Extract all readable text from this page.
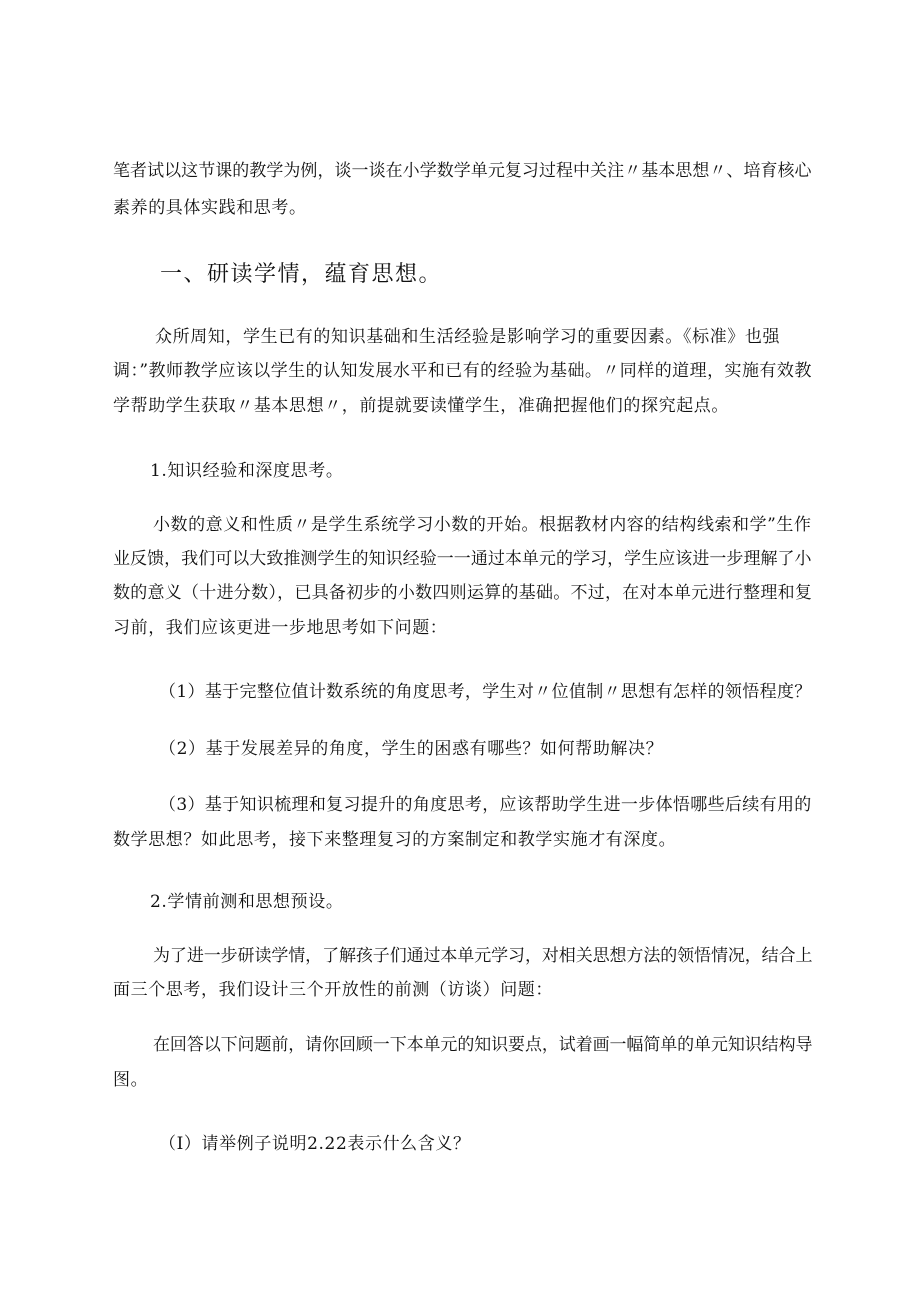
笔者试以这节课的教学为例，谈一谈在小学数学单元复习过程中关注〃基本思想〃、培育核心
素养的具体实践和思考。
一、研读学情，蕴育思想。
众所周知，学生已有的知识基础和生活经验是影响学习的重要因素。《标准》也强
调：”教师教学应该以学生的认知发展水平和已有的经验为基础。〃同样的道理，实施有效教
学帮助学生获取〃基本思想〃，前提就要读懂学生，准确把握他们的探究起点。
1.知识经验和深度思考。
小数的意义和性质〃是学生系统学习小数的开始。根据教材内容的结构线索和学”生作
业反馈，我们可以大致推测学生的知识经验一一通过本单元的学习，学生应该进一步理解了小
数的意义（十进分数），已具备初步的小数四则运算的基础。不过，在对本单元进行整理和复
习前，我们应该更进一步地思考如下问题：
（1）基于完整位值计数系统的角度思考，学生对〃位值制〃思想有怎样的领悟程度？
（2）基于发展差异的角度，学生的困惑有哪些？如何帮助解决？
（3）基于知识梳理和复习提升的角度思考，应该帮助学生进一步体悟哪些后续有用的
数学思想？如此思考，接下来整理复习的方案制定和教学实施才有深度。
2.学情前测和思想预设。
为了进一步研读学情，了解孩子们通过本单元学习，对相关思想方法的领悟情况，结合上
面三个思考，我们设计三个开放性的前测（访谈）问题：
在回答以下问题前，请你回顾一下本单元的知识要点，试着画一幅简单的单元知识结构导
图。
（I）请举例子说明2.22表示什么含义？
